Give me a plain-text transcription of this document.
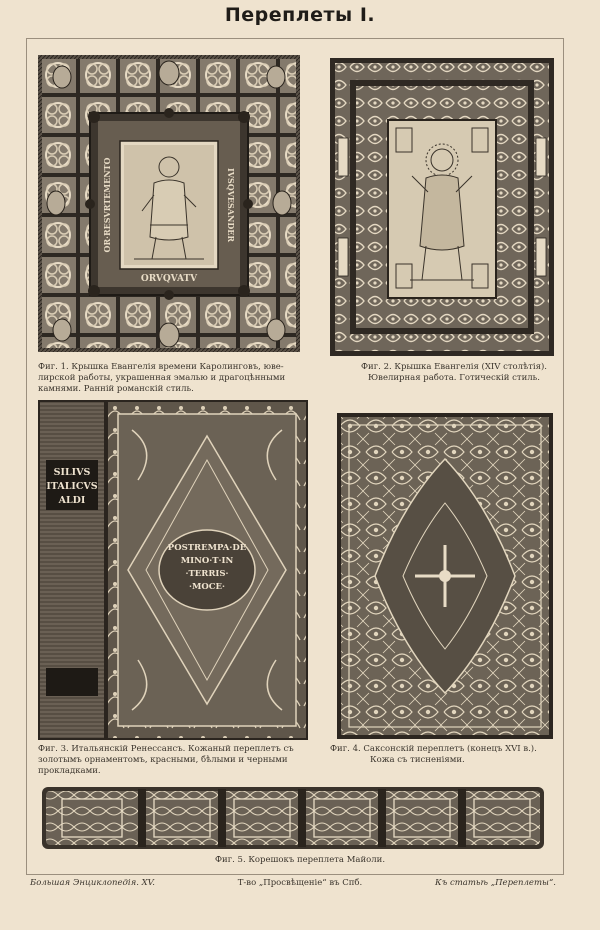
Переплеты I.
ORVQVATV
OR·RESVRTEMENTO	IVSQVESANDER
SILIVS
ITALICVS
ALDI
POSTREMPA·DE
MINO·T·IN
·TERRIS·
·MOCE·
Фиг. 1. Крышка Евангелія времени Каролинговъ, юве-
лирской работы, украшенная эмалью и драгоцѣнными
камнями. Раннiй романскiй стиль.
Фиг. 2. Крышка Евангелія (XIV столѣтія).
Ювелирная работа. Готическій стиль.
Фиг. 3. Итальянскій Ренессансъ. Кожаный переплетъ съ
золотымъ орнаментомъ, красными, бѣлыми и черными
прокладками.
Фиг. 4. Саксонскій переплетъ (конецъ XVI в.).
Кожа съ тисненіями.
Фиг. 5. Корешокъ переплета Майоли.
Большая Энциклопедія. XV.	Т-во „Просвѣщеніе“ въ Спб.	Къ статьѣ „Переплеты“.
